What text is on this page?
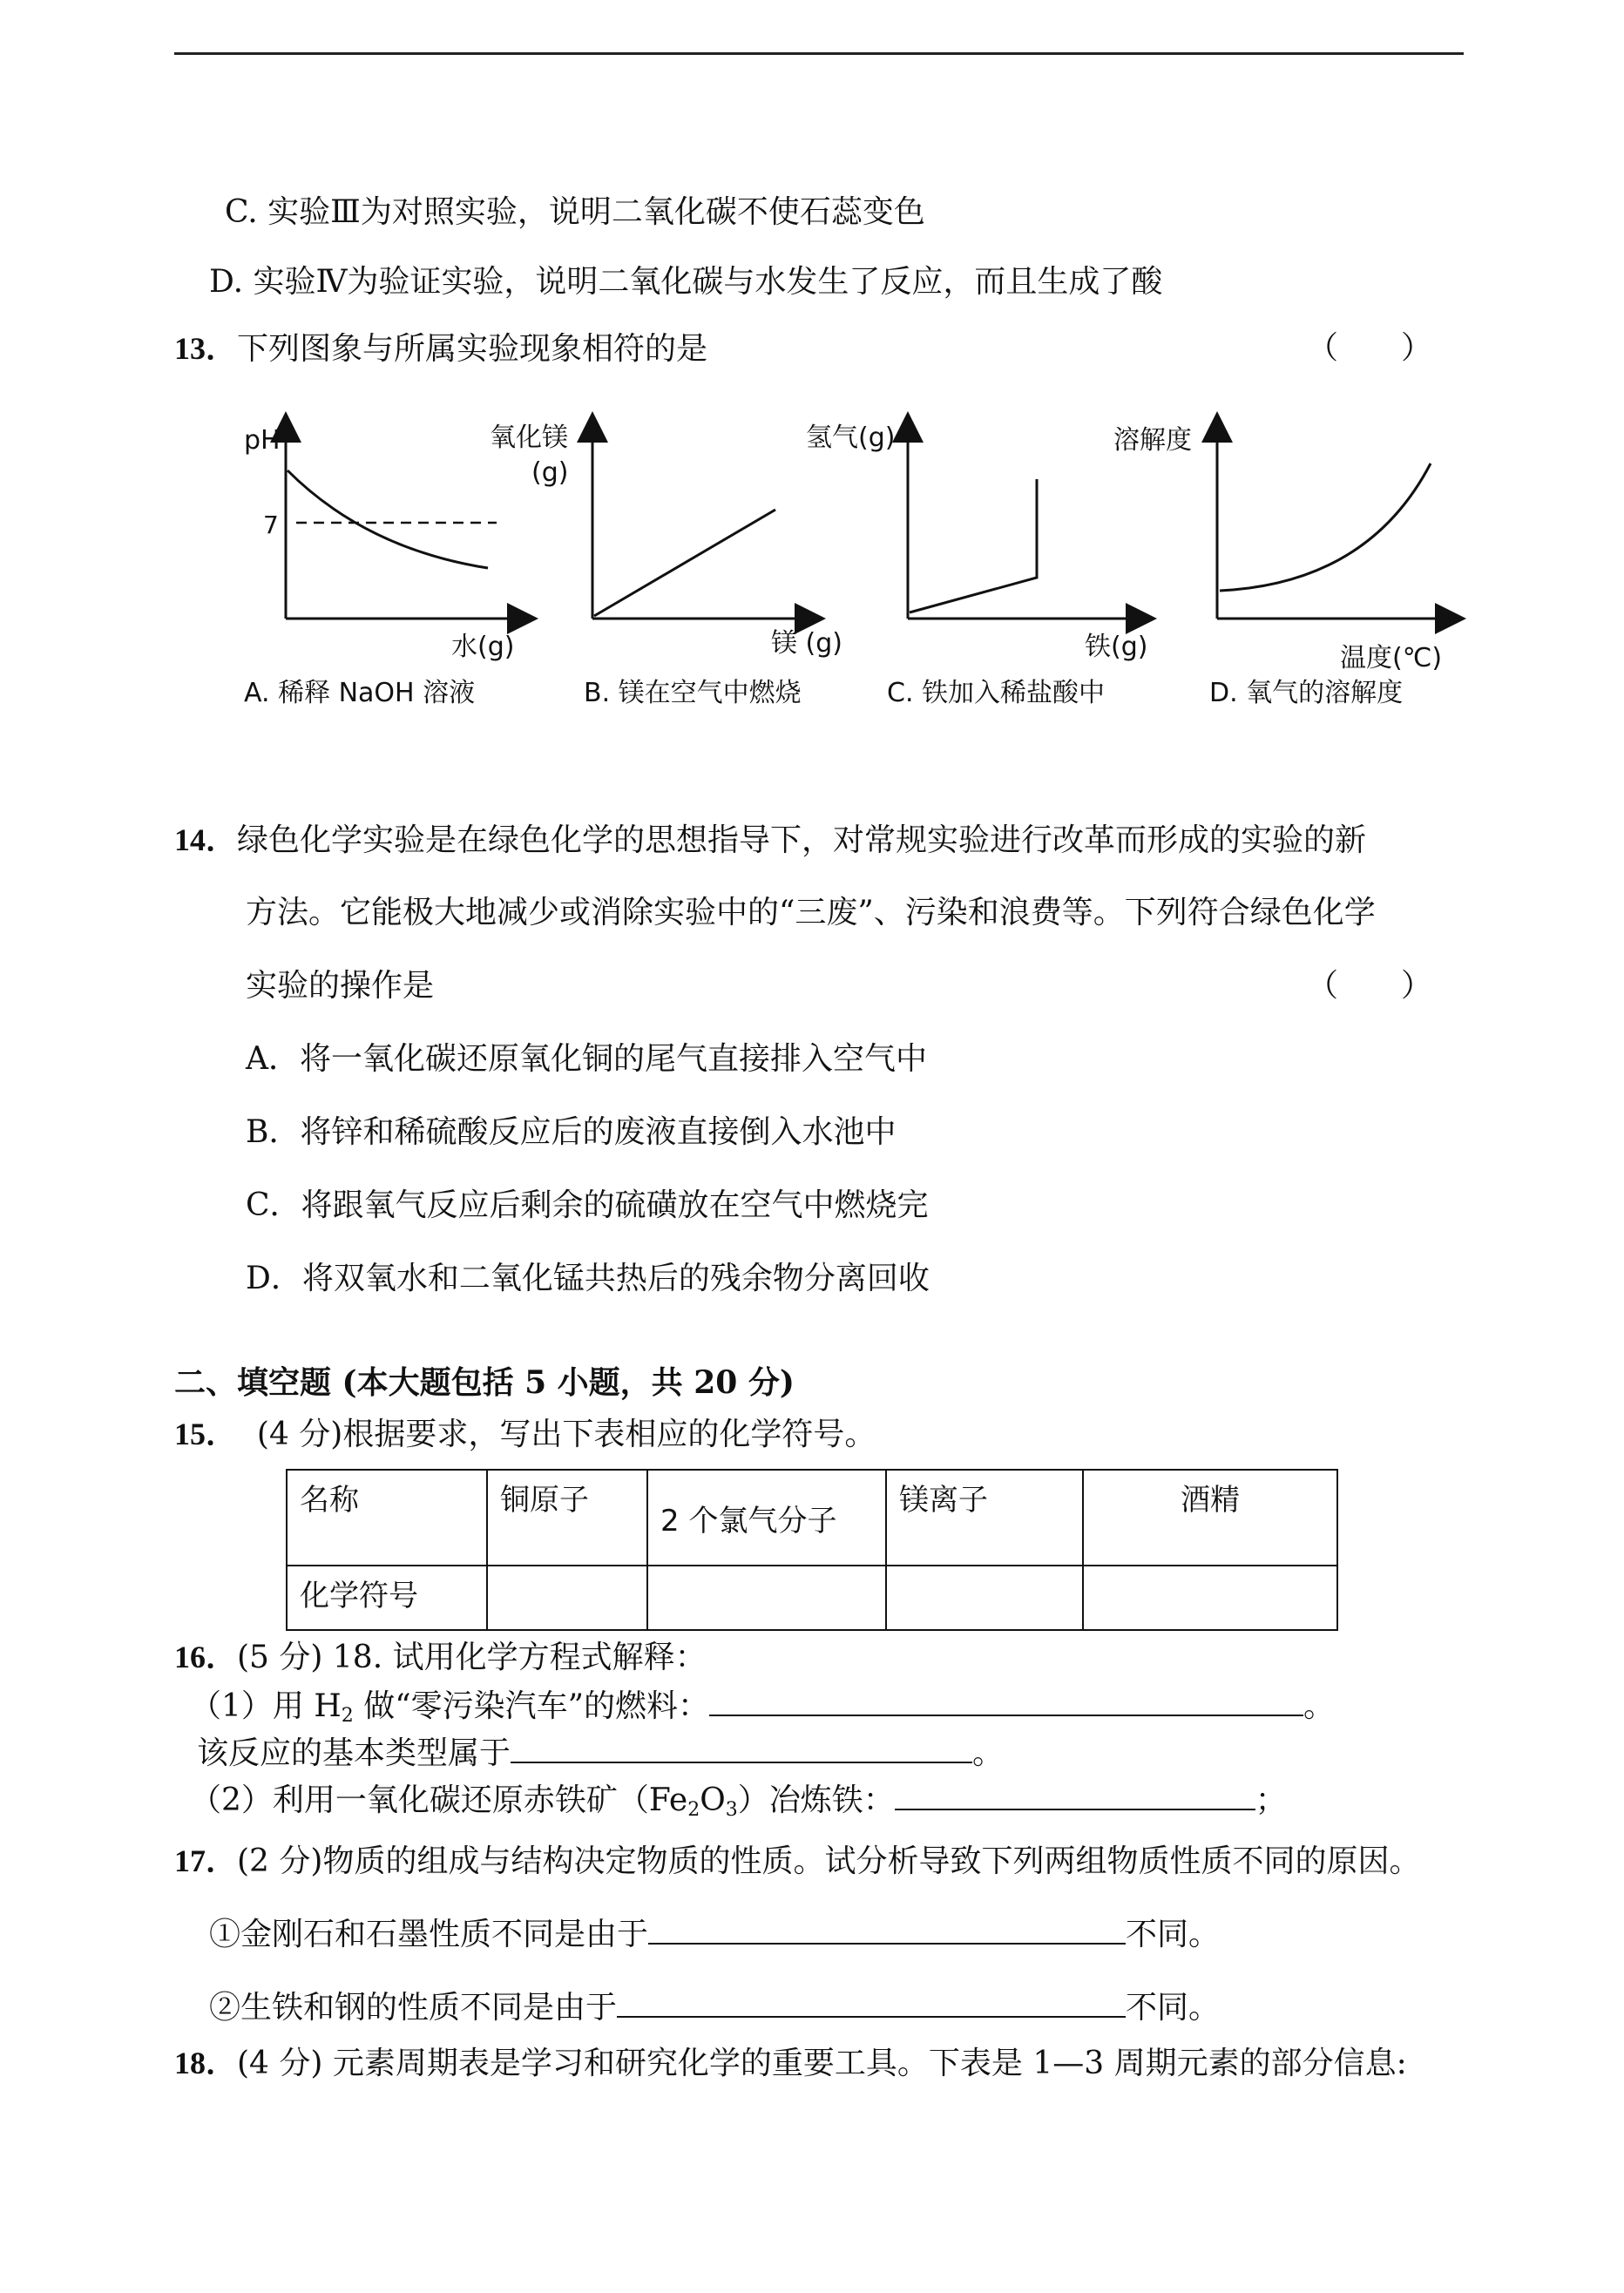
C. 实验Ⅲ为对照实验，说明二氧化碳不使石蕊变色
D. 实验Ⅳ为验证实验，说明二氧化碳与水发生了反应，而且生成了酸
13．下列图象与所属实验现象相符的是	（　　）
pH
7
水(g)
A. 稀释 NaOH 溶液
氧化镁
(g)
镁 (g)
B. 镁在空气中燃烧
氢气(g)
铁(g)
C. 铁加入稀盐酸中
溶解度
温度(℃)
D. 氧气的溶解度
14．绿色化学实验是在绿色化学的思想指导下，对常规实验进行改革而形成的实验的新
方法。它能极大地减少或消除实验中的“三废”、污染和浪费等。下列符合绿色化学
实验的操作是	（　　）
A．将一氧化碳还原氧化铜的尾气直接排入空气中
B．将锌和稀硫酸反应后的废液直接倒入水池中
C．将跟氧气反应后剩余的硫磺放在空气中燃烧完
D．将双氧水和二氧化锰共热后的残余物分离回收
二、填空题 (本大题包括 5 小题，共 20 分)
15． (4 分)根据要求，写出下表相应的化学符号。
名称	铜原子	2 个氯气分子	镁离子	酒精
化学符号				
16．(5 分) 18. 试用化学方程式解释：
（1）用 $H_2$ 做“零污染汽车”的燃料：	。
该反应的基本类型属于	。
（2）利用一氧化碳还原赤铁矿$(Fe_2O_3)$冶炼铁：	；
17．(2 分)物质的组成与结构决定物质的性质。试分析导致下列两组物质性质不同的原因。
①金刚石和石墨性质不同是由于	不同。
②生铁和钢的性质不同是由于	不同。
18．(4 分) 元素周期表是学习和研究化学的重要工具。下表是 1—3 周期元素的部分信息:
